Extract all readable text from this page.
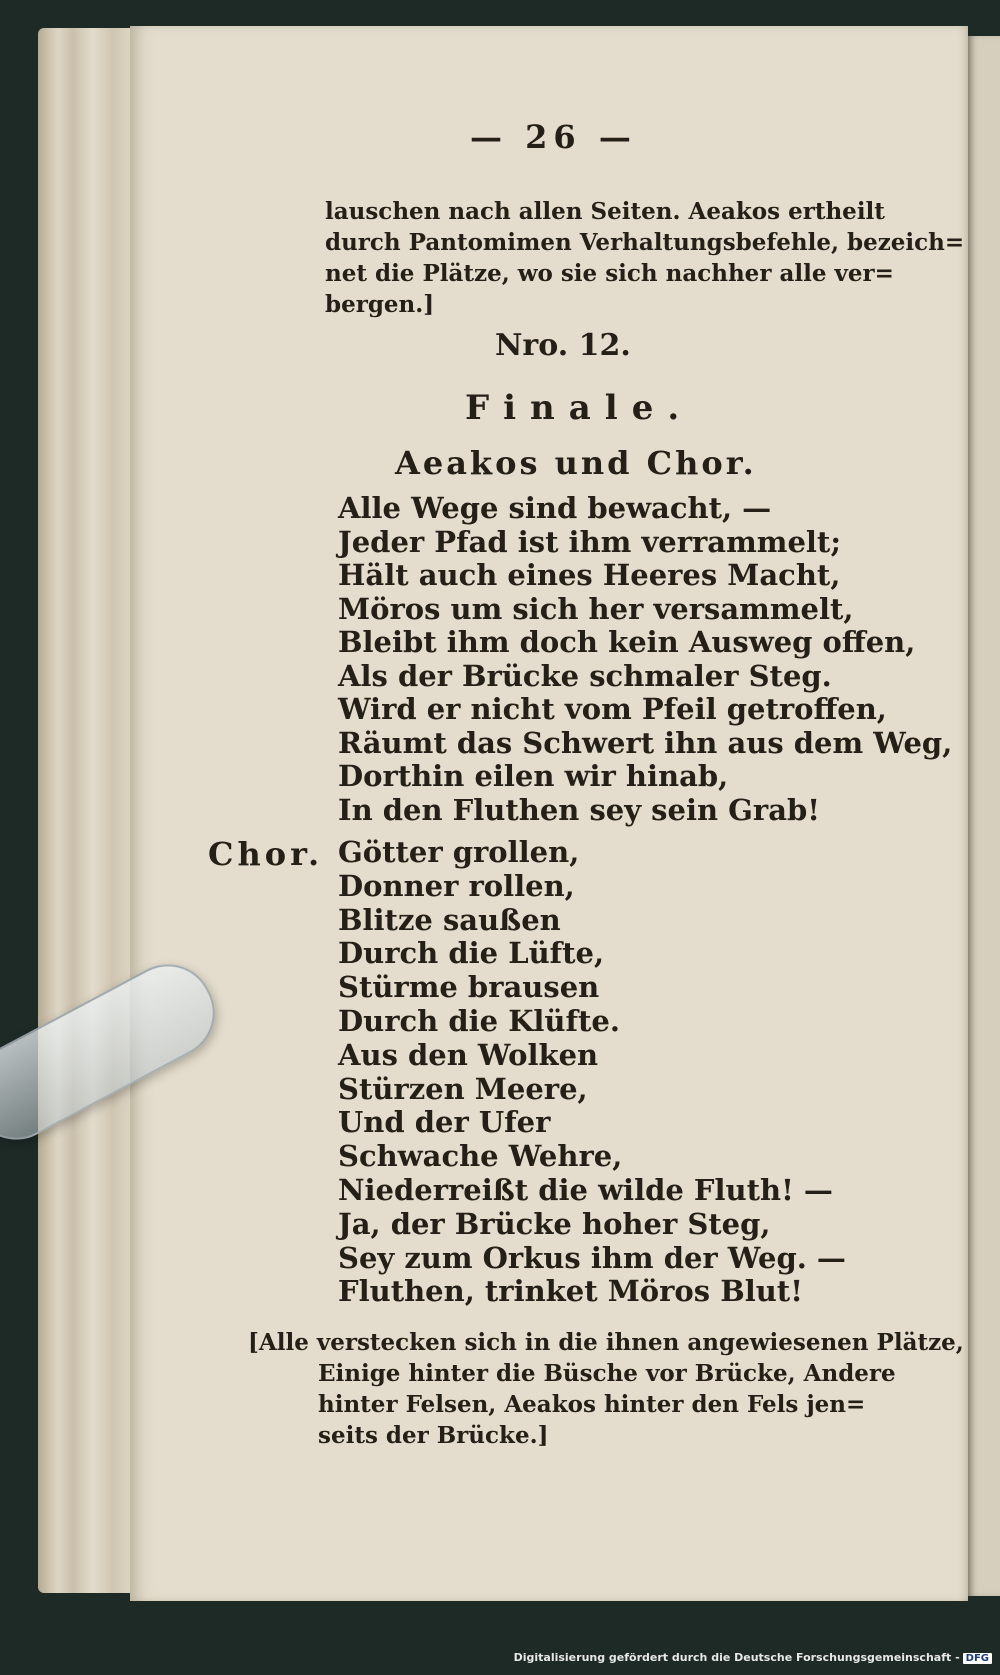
— 26 —

lauschen nach allen Seiten. Aeakos ertheilt
durch Pantomimen Verhaltungsbefehle, bezeich=
net die Plätze, wo sie sich nachher alle ver=
bergen.]

Nro. 12.

Finale.

Aeakos und Chor.

Alle Wege sind bewacht, —
Jeder Pfad ist ihm verrammelt;
Hält auch eines Heeres Macht,
Möros um sich her versammelt,
Bleibt ihm doch kein Ausweg offen,
Als der Brücke schmaler Steg.
Wird er nicht vom Pfeil getroffen,
Räumt das Schwert ihn aus dem Weg,
Dorthin eilen wir hinab,
In den Fluthen sey sein Grab!

Chor. Götter grollen,
Donner rollen,
Blitze saußen
Durch die Lüfte,
Stürme brausen
Durch die Klüfte.
Aus den Wolken
Stürzen Meere,
Und der Ufer
Schwache Wehre,
Niederreißt die wilde Fluth! —
Ja, der Brücke hoher Steg,
Sey zum Orkus ihm der Weg. —
Fluthen, trinket Möros Blut!
[Alle verstecken sich in die ihnen angewiesenen Plätze,
Einige hinter die Büsche vor Brücke, Andere
hinter Felsen, Aeakos hinter den Fels jen=
seits der Brücke.]
Digitalisierung gefördert durch die Deutsche Forschungsgemeinschaft - DFG
